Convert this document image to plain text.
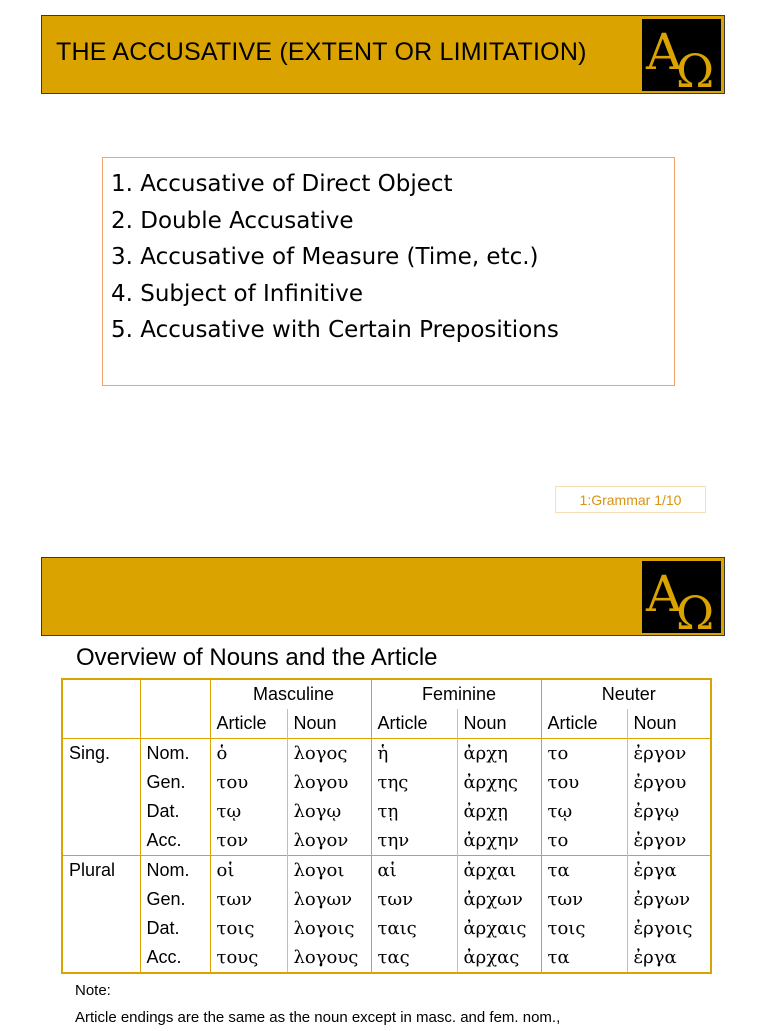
THE ACCUSATIVE (EXTENT OR LIMITATION) A
Ω
1. Accusative of Direct Object
2. Double Accusative
3. Accusative of Measure (Time, etc.)
4. Subject of Infinitive
5. Accusative with Certain Prepositions
1:Grammar 1/10
A
Ω
Overview of Nouns and the Article
		Masculine		Feminine		Neuter	
		Article	Noun	Article	Noun	Article	Noun
Sing.	Nom.	ὁ	λογος	ἡ	ἀρχη	το	ἐργον
	Gen.	του	λογου	της	ἀρχης	του	ἐργου
	Dat.	τῳ	λογῳ	τῃ	ἀρχῃ	τῳ	ἐργῳ
	Acc.	τον	λογον	την	ἀρχην	το	ἐργον
Plural	Nom.	οἱ	λογοι	αἱ	ἀρχαι	τα	ἐργα
	Gen.	των	λογων	των	ἀρχων	των	ἐργων
	Dat.	τοις	λογοις	ταις	ἀρχαις	τοις	ἐργοις
	Acc.	τους	λογους	τας	ἀρχας	τα	ἐργα
Note:
Article endings are the same as the noun except in masc. and fem. nom.,
